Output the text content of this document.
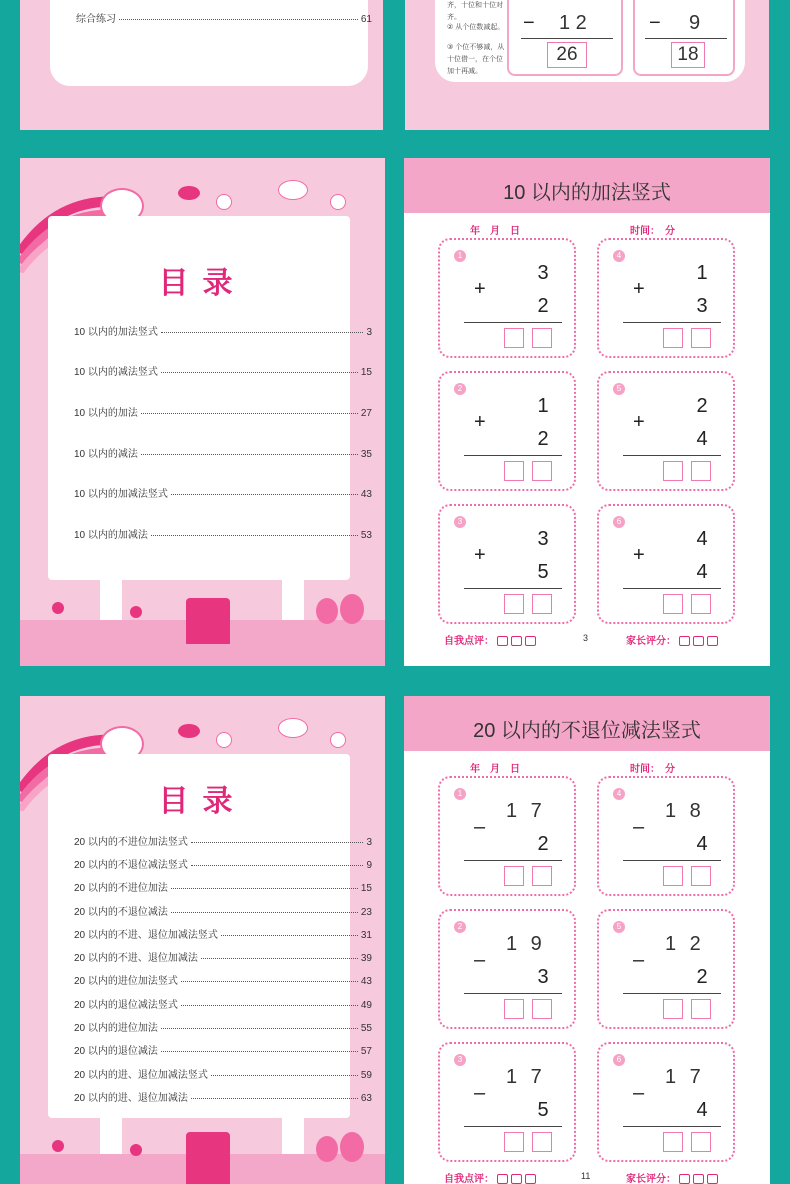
综合练习	61
齐，十位和十位对齐。
② 从个位数减起。
③ 个位不够减，从十位借一，在个位加十再减。
− 1 2
26
− 9
18
目录
10 以内的加法竖式	3
10 以内的减法竖式	15
10 以内的加法	27
10 以内的减法	35
10 以内的加减法竖式	43
10 以内的加减法	53
10 以内的加法竖式
年　月　日	时间：　分
1
3
+
2
4
1
+
3
2
1
+
2
5
2
+
4
3
3
+
5
6
4
+
4
自我点评：	3	家长评分：
目录
20 以内的不进位加法竖式	3
20 以内的不退位减法竖式	9
20 以内的不进位加法	15
20 以内的不退位减法	23
20 以内的不进、退位加减法竖式	31
20 以内的不进、退位加减法	39
20 以内的进位加法竖式	43
20 以内的退位减法竖式	49
20 以内的进位加法	55
20 以内的退位减法	57
20 以内的进、退位加减法竖式	59
20 以内的进、退位加减法	63
20 以内的不退位减法竖式
年　月　日	时间：　分
1
1 7
–
2
4
1 8
–
4
2
1 9
–
3
5
1 2
–
2
3
1 7
–
5
6
1 7
–
4
自我点评：	11	家长评分：
